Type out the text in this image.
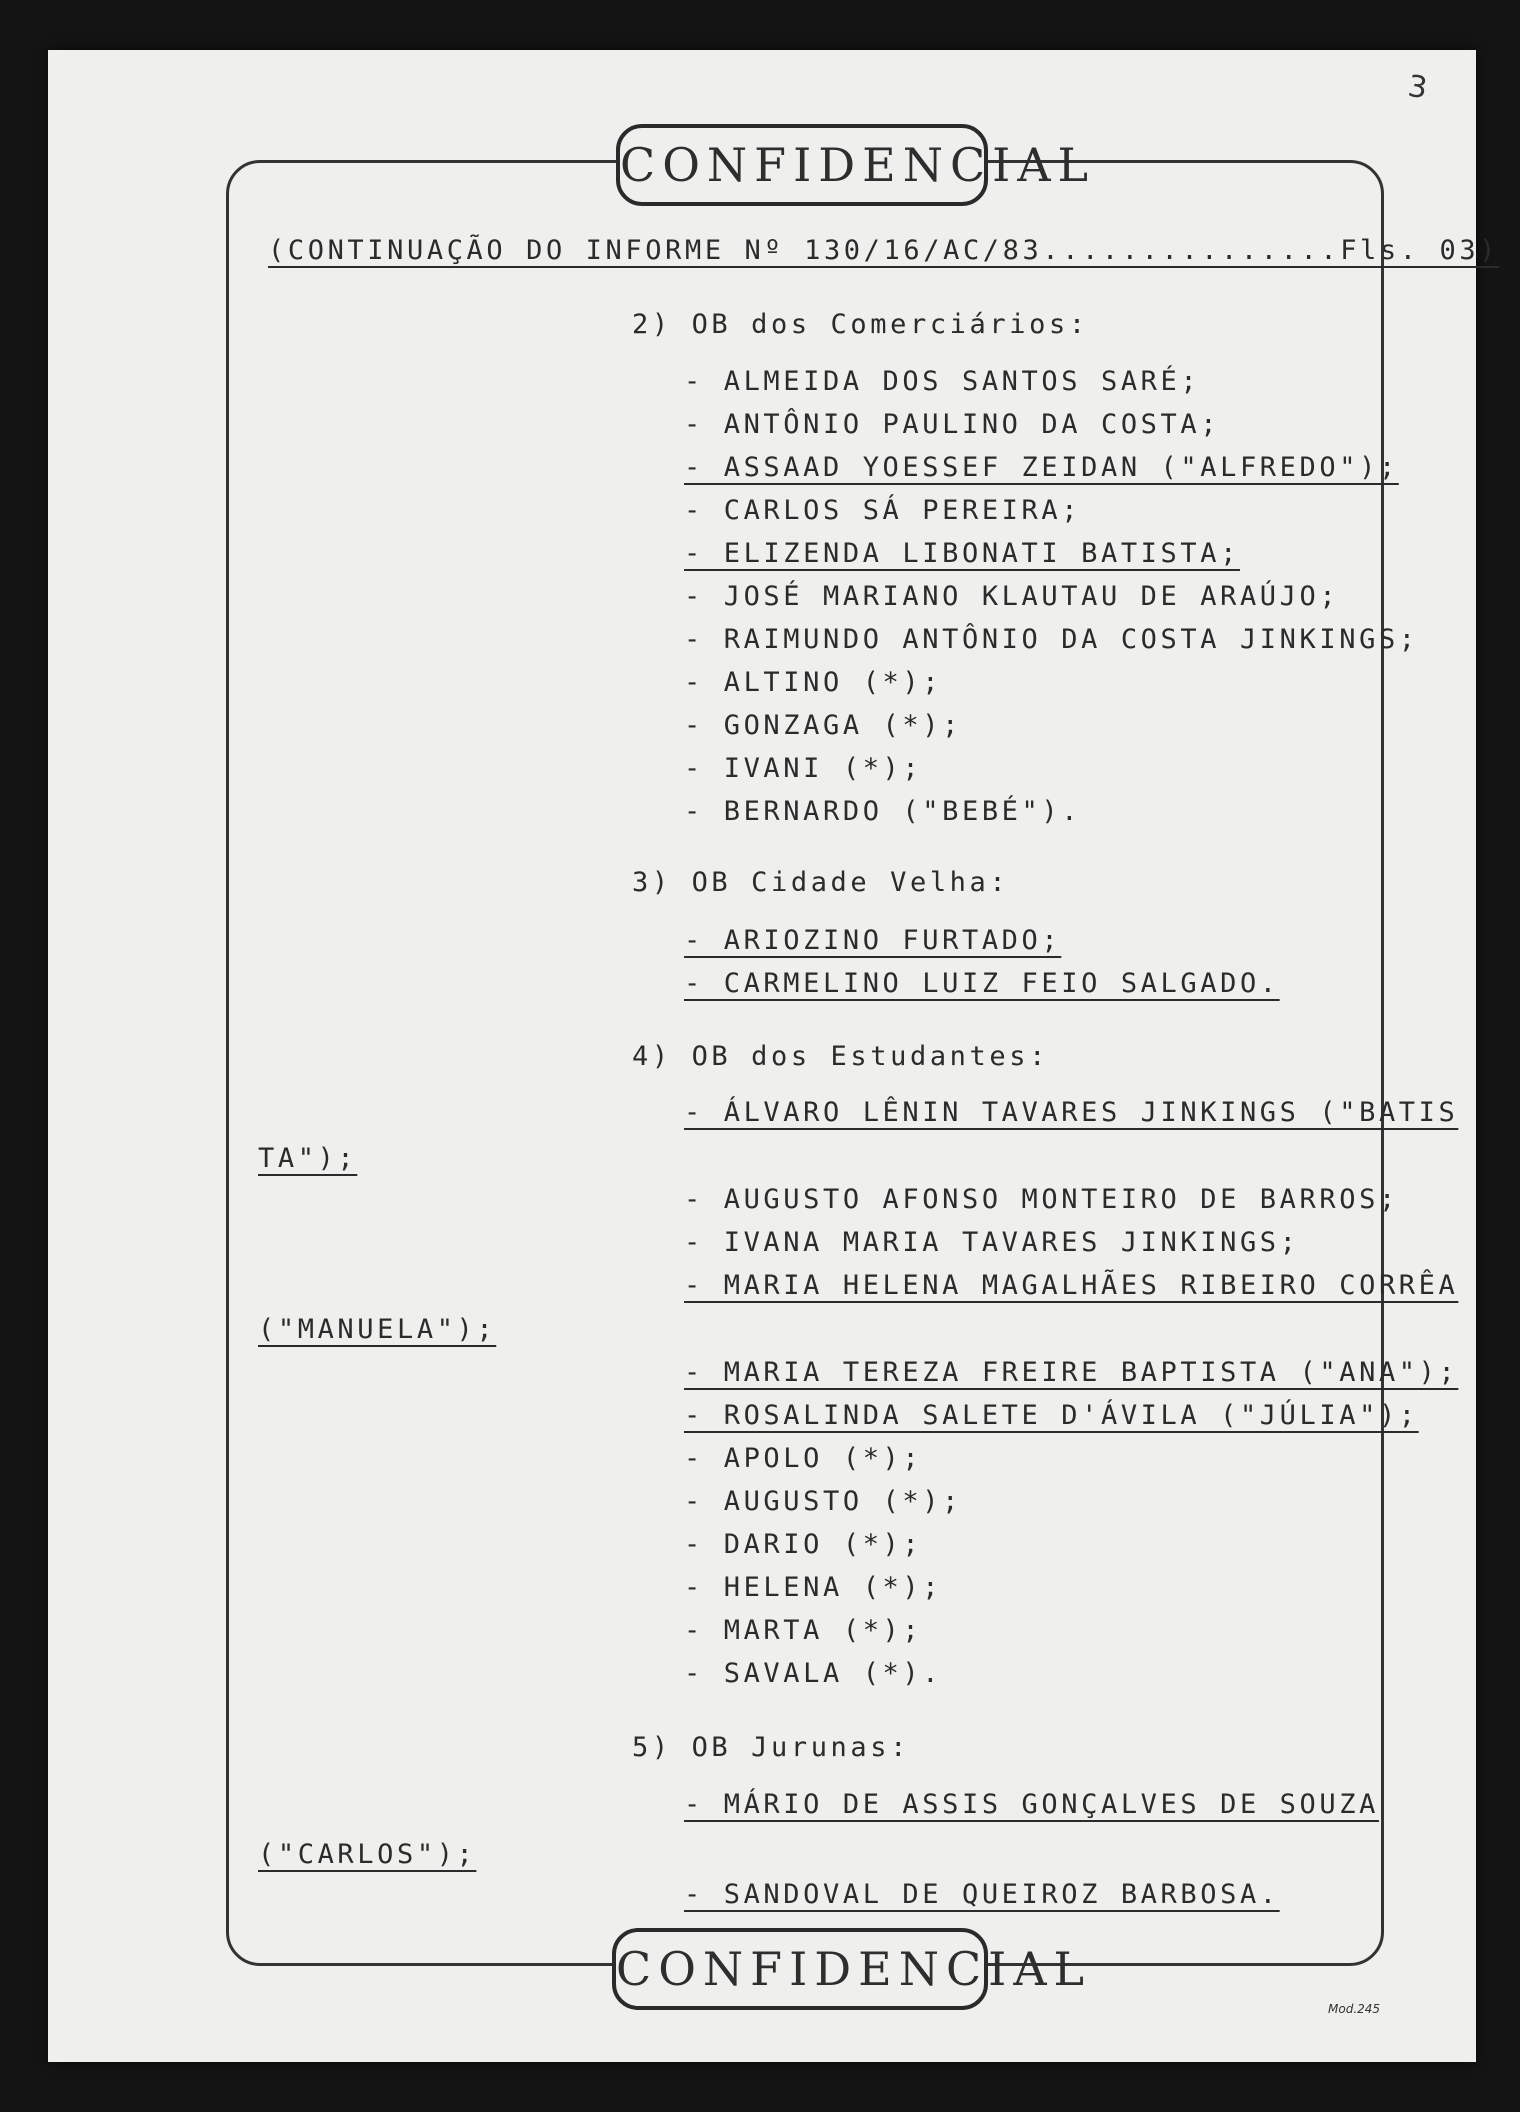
3
CONFIDENCIAL
CONFIDENCIAL
(CONTINUAÇÃO DO INFORME Nº 130/16/AC/83...............Fls. 03)
2) OB dos Comerciários:
- ALMEIDA DOS SANTOS SARÉ;
- ANTÔNIO PAULINO DA COSTA;
- ASSAAD YOESSEF ZEIDAN ("ALFREDO");
- CARLOS SÁ PEREIRA;
- ELIZENDA LIBONATI BATISTA;
- JOSÉ MARIANO KLAUTAU DE ARAÚJO;
- RAIMUNDO ANTÔNIO DA COSTA JINKINGS;
- ALTINO (*);
- GONZAGA (*);
- IVANI (*);
- BERNARDO ("BEBÉ").
3) OB Cidade Velha:
- ARIOZINO FURTADO;
- CARMELINO LUIZ FEIO SALGADO.
4) OB dos Estudantes:
- ÁLVARO LÊNIN TAVARES JINKINGS ("BATIS
TA");
- AUGUSTO AFONSO MONTEIRO DE BARROS;
- IVANA MARIA TAVARES JINKINGS;
- MARIA HELENA MAGALHÃES RIBEIRO CORRÊA
("MANUELA");
- MARIA TEREZA FREIRE BAPTISTA ("ANA");
- ROSALINDA SALETE D'ÁVILA ("JÚLIA");
- APOLO (*);
- AUGUSTO (*);
- DARIO (*);
- HELENA (*);
- MARTA (*);
- SAVALA (*).
5) OB Jurunas:
- MÁRIO DE ASSIS GONÇALVES DE SOUZA
("CARLOS");
- SANDOVAL DE QUEIROZ BARBOSA.
Mod.245
